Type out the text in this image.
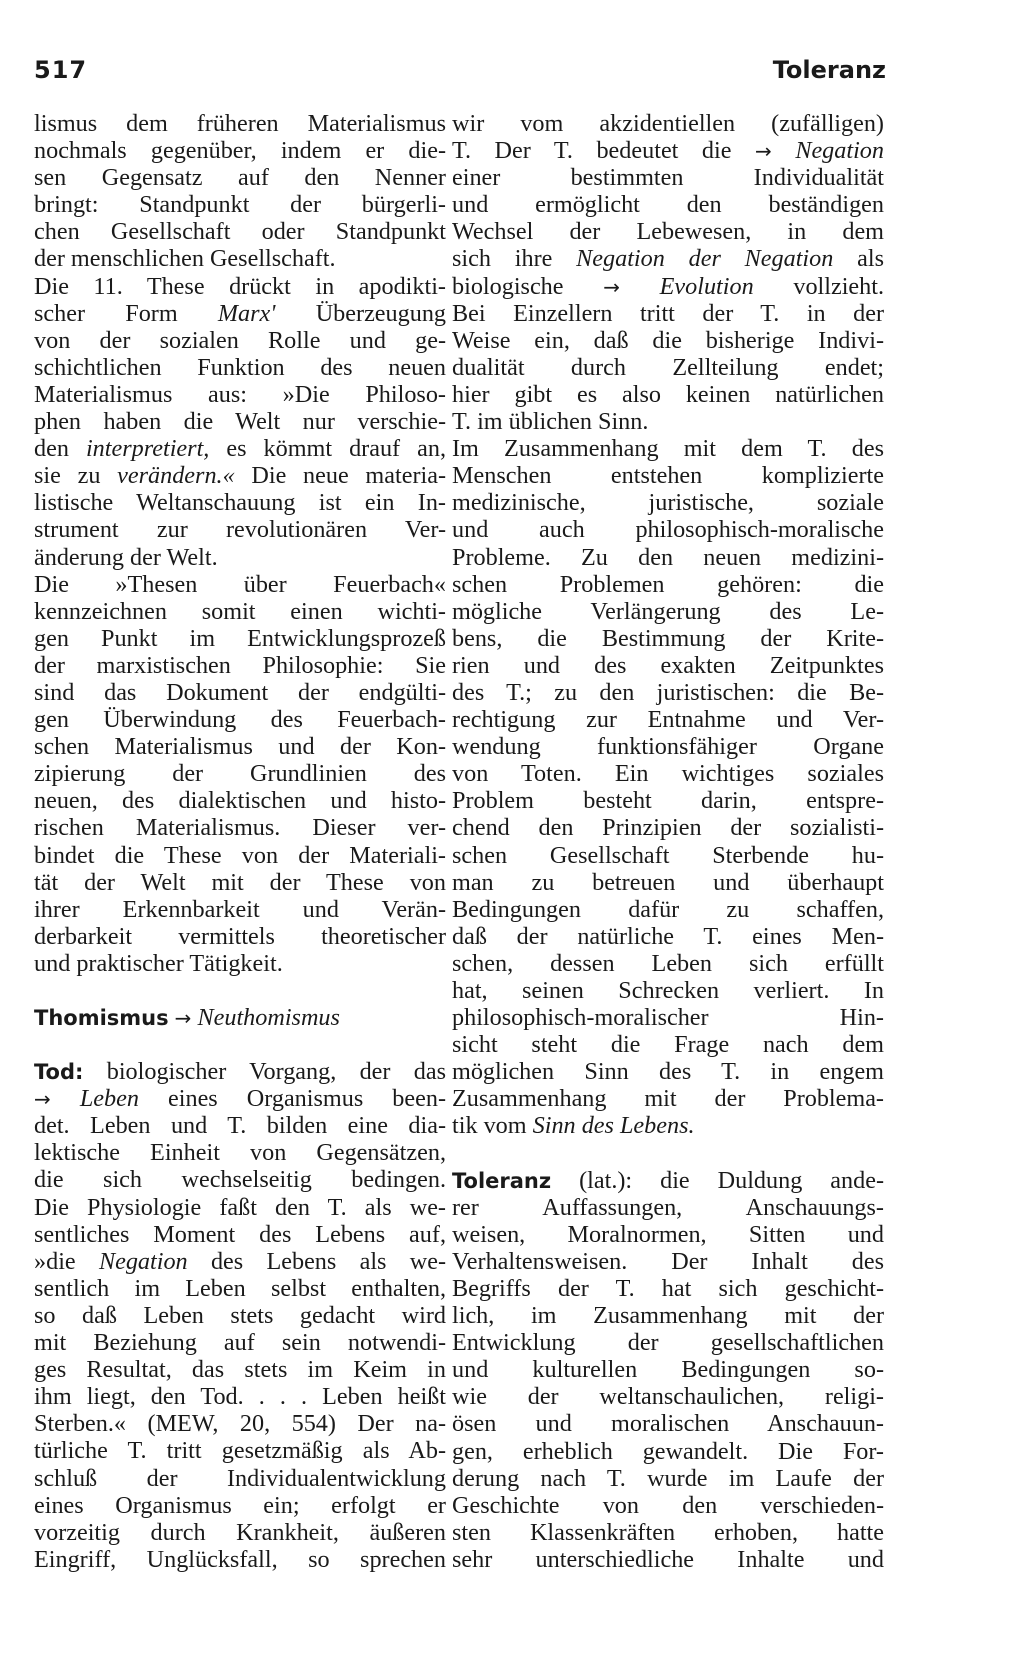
517	Toleranz
lismus dem früheren Materialismus
nochmals gegenüber, indem er die-
sen Gegensatz auf den Nenner
bringt: Standpunkt der bürgerli-
chen Gesellschaft oder Standpunkt
der menschlichen Gesellschaft.
Die 11. These drückt in apodikti-
scher Form Marx' Überzeugung
von der sozialen Rolle und ge-
schichtlichen Funktion des neuen
Materialismus aus: »Die Philoso-
phen haben die Welt nur verschie-
den interpretiert, es kömmt drauf an,
sie zu verändern.« Die neue materia-
listische Weltanschauung ist ein In-
strument zur revolutionären Ver-
änderung der Welt.
Die »Thesen über Feuerbach«
kennzeichnen somit einen wichti-
gen Punkt im Entwicklungsprozeß
der marxistischen Philosophie: Sie
sind das Dokument der endgülti-
gen Überwindung des Feuerbach-
schen Materialismus und der Kon-
zipierung der Grundlinien des
neuen, des dialektischen und histo-
rischen Materialismus. Dieser ver-
bindet die These von der Materiali-
tät der Welt mit der These von
ihrer Erkennbarkeit und Verän-
derbarkeit vermittels theoretischer
und praktischer Tätigkeit.
Thomismus → Neuthomismus
Tod: biologischer Vorgang, der das
→ Leben eines Organismus been-
det. Leben und T. bilden eine dia-
lektische Einheit von Gegensätzen,
die sich wechselseitig bedingen.
Die Physiologie faßt den T. als we-
sentliches Moment des Lebens auf,
»die Negation des Lebens als we-
sentlich im Leben selbst enthalten,
so daß Leben stets gedacht wird
mit Beziehung auf sein notwendi-
ges Resultat, das stets im Keim in
ihm liegt, den Tod. . . . Leben heißt
Sterben.« (MEW, 20, 554) Der na-
türliche T. tritt gesetzmäßig als Ab-
schluß der Individualentwicklung
eines Organismus ein; erfolgt er
vorzeitig durch Krankheit, äußeren
Eingriff, Unglücksfall, so sprechen
wir vom akzidentiellen (zufälligen)
T. Der T. bedeutet die → Negation
einer bestimmten Individualität
und ermöglicht den beständigen
Wechsel der Lebewesen, in dem
sich ihre Negation der Negation als
biologische → Evolution vollzieht.
Bei Einzellern tritt der T. in der
Weise ein, daß die bisherige Indivi-
dualität durch Zellteilung endet;
hier gibt es also keinen natürlichen
T. im üblichen Sinn.
Im Zusammenhang mit dem T. des
Menschen entstehen komplizierte
medizinische, juristische, soziale
und auch philosophisch-moralische
Probleme. Zu den neuen medizini-
schen Problemen gehören: die
mögliche Verlängerung des Le-
bens, die Bestimmung der Krite-
rien und des exakten Zeitpunktes
des T.; zu den juristischen: die Be-
rechtigung zur Entnahme und Ver-
wendung funktionsfähiger Organe
von Toten. Ein wichtiges soziales
Problem besteht darin, entspre-
chend den Prinzipien der sozialisti-
schen Gesellschaft Sterbende hu-
man zu betreuen und überhaupt
Bedingungen dafür zu schaffen,
daß der natürliche T. eines Men-
schen, dessen Leben sich erfüllt
hat, seinen Schrecken verliert. In
philosophisch-moralischer Hin-
sicht steht die Frage nach dem
möglichen Sinn des T. in engem
Zusammenhang mit der Problema-
tik vom Sinn des Lebens.
Toleranz (lat.): die Duldung ande-
rer Auffassungen, Anschauungs-
weisen, Moralnormen, Sitten und
Verhaltensweisen. Der Inhalt des
Begriffs der T. hat sich geschicht-
lich, im Zusammenhang mit der
Entwicklung der gesellschaftlichen
und kulturellen Bedingungen so-
wie der weltanschaulichen, religi-
ösen und moralischen Anschauun-
gen, erheblich gewandelt. Die For-
derung nach T. wurde im Laufe der
Geschichte von den verschieden-
sten Klassenkräften erhoben, hatte
sehr unterschiedliche Inhalte und
